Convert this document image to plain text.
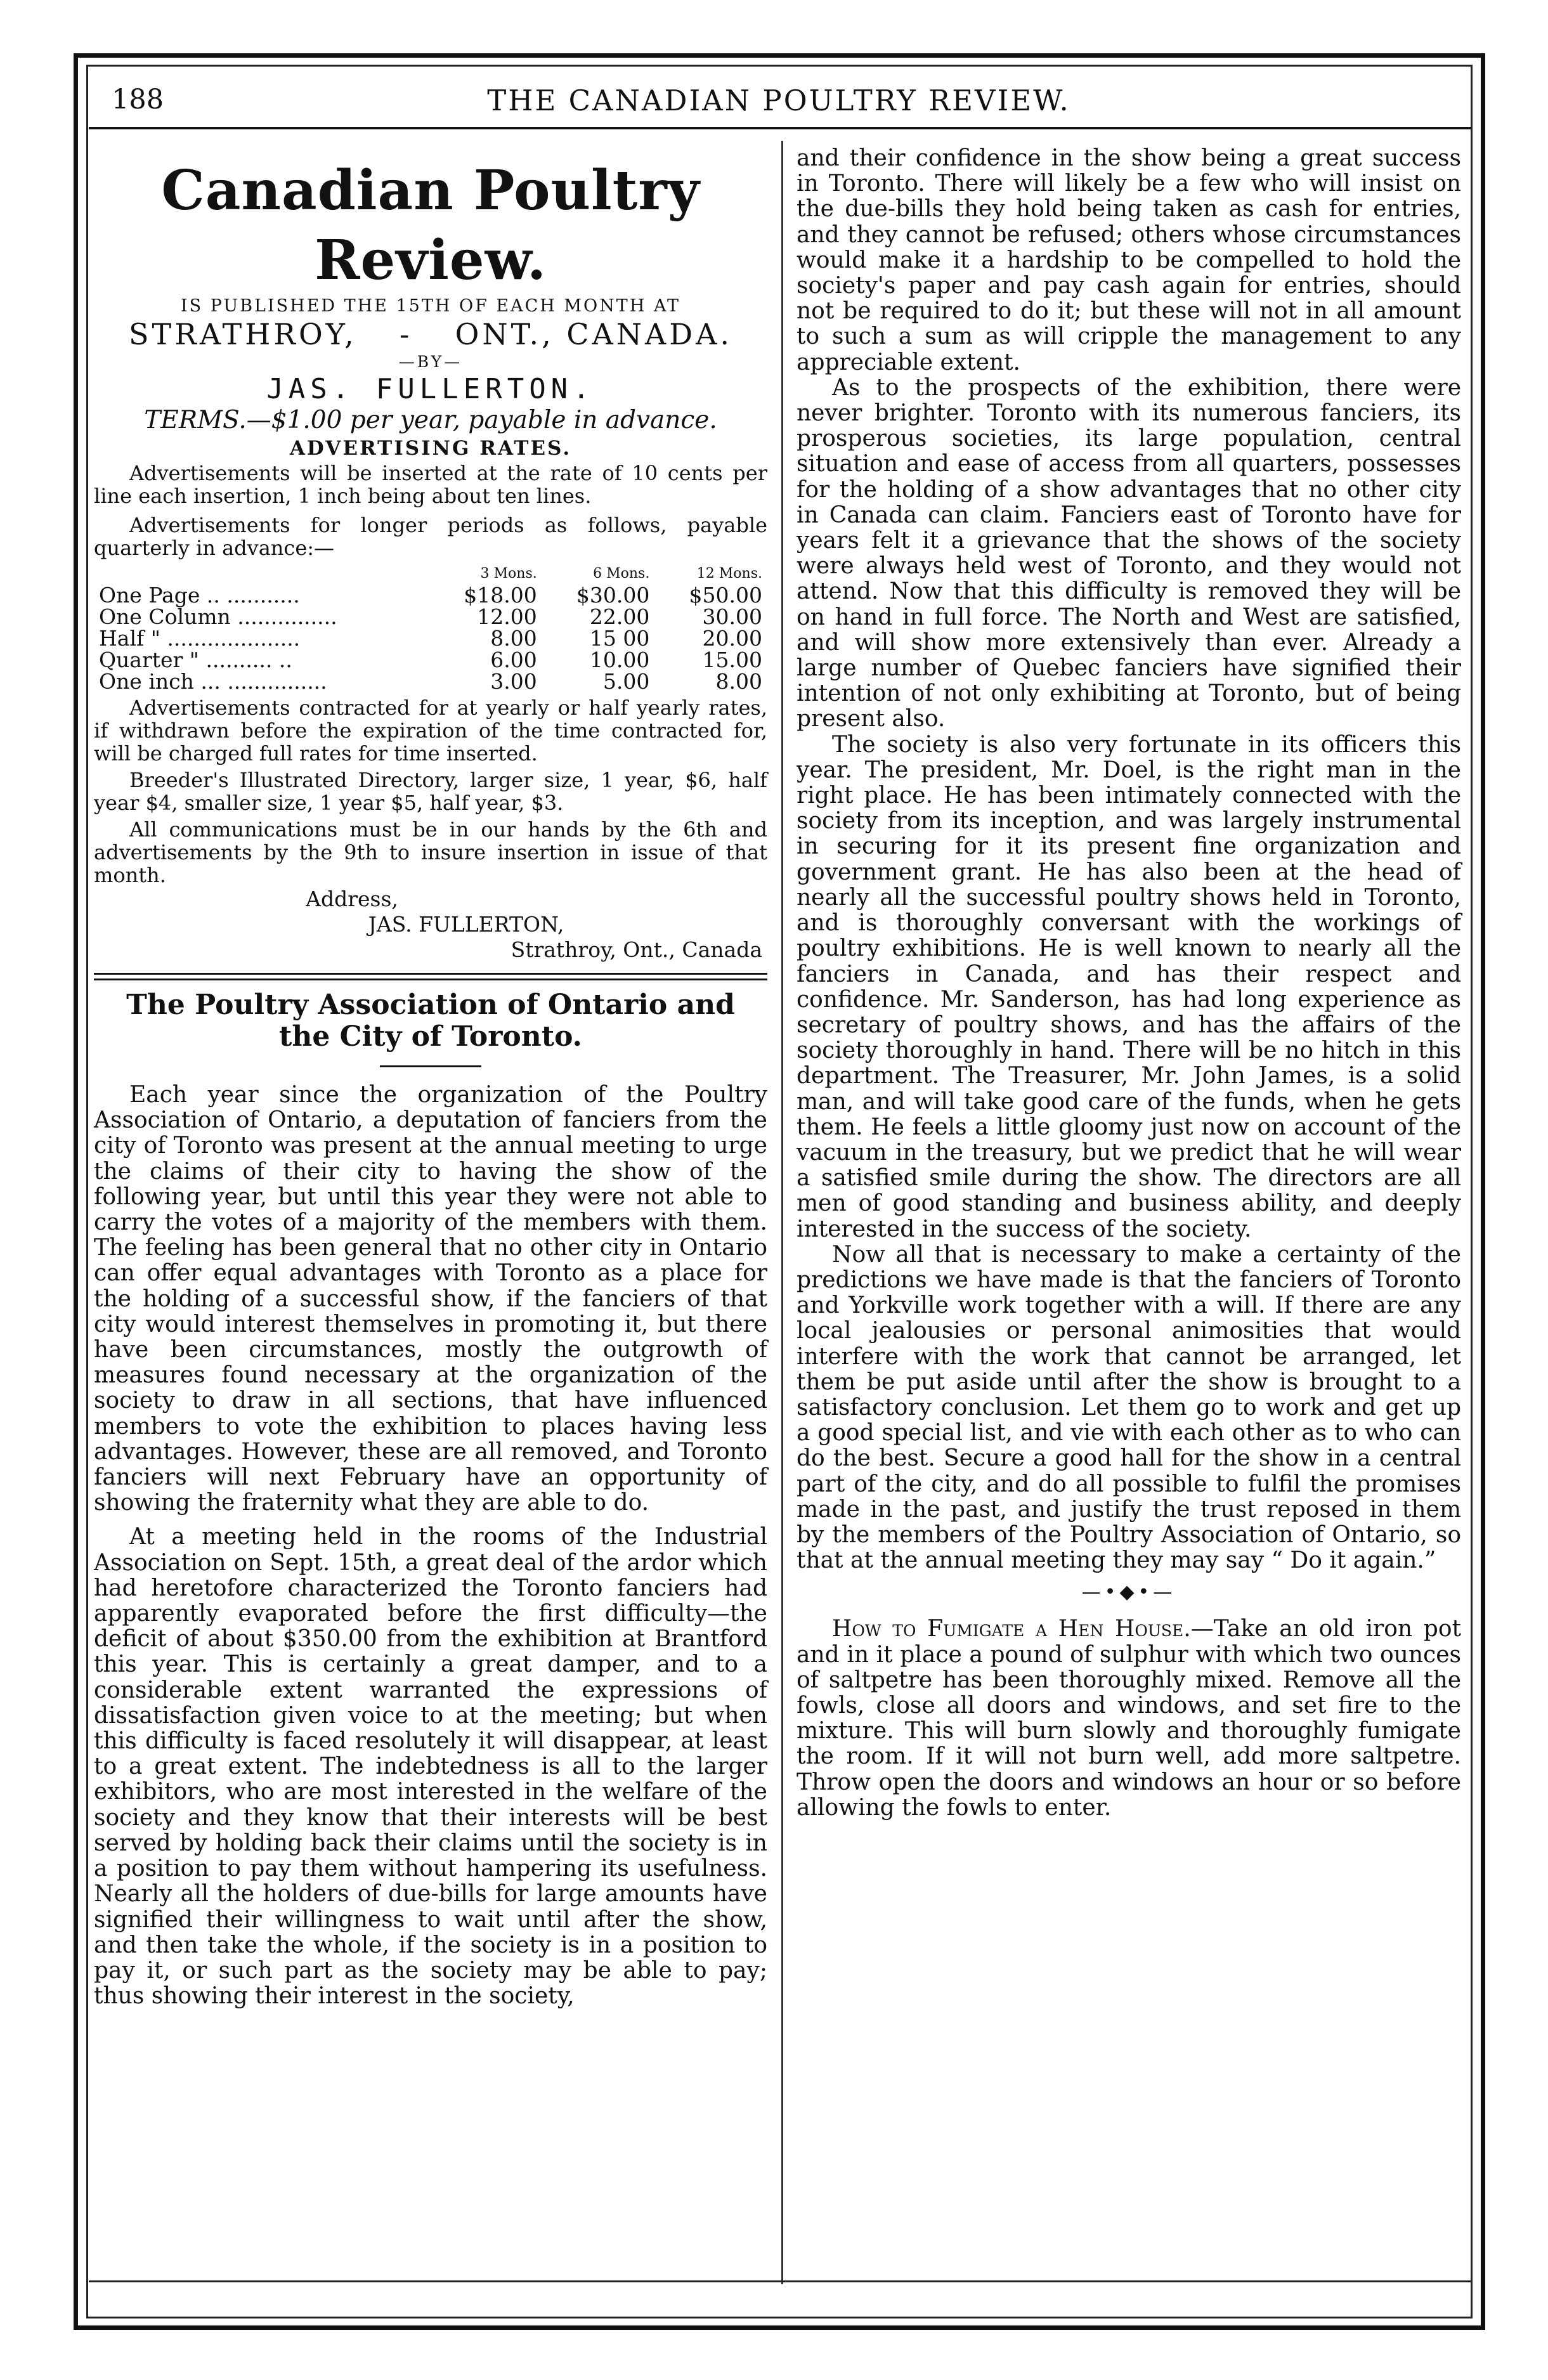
188	THE CANADIAN POULTRY REVIEW.
Canadian Poultry Review.
IS PUBLISHED THE 15TH OF EACH MONTH AT
STRATHROY, - ONT., CANADA.
—BY—
JAS. FULLERTON.
TERMS.—$1.00 per year, payable in advance.
ADVERTISING RATES.

Advertisements will be inserted at the rate of 10 cents per line each insertion, 1 inch being about ten lines.

Advertisements for longer periods as follows, payable quarterly in advance:—

	3 Mons.	6 Mons.	12 Mons.
One Page .. ...........	$18.00	$30.00	$50.00
One Column ...............	12.00	22.00	30.00
Half " ....................	8.00	15 00	20.00
Quarter " .......... ..	6.00	10.00	15.00
One inch ... ...............	3.00	5.00	8.00

Advertisements contracted for at yearly or half yearly rates, if withdrawn before the expiration of the time contracted for, will be charged full rates for time inserted.

Breeder's Illustrated Directory, larger size, 1 year, $6, half year $4, smaller size, 1 year $5, half year, $3.

All communications must be in our hands by the 6th and advertisements by the 9th to insure insertion in issue of that month.

Address,
JAS. FULLERTON,
Strathroy, Ont., Canada
The Poultry Association of Ontario and the City of Toronto.

Each year since the organization of the Poultry Association of Ontario, a deputation of fanciers from the city of Toronto was present at the annual meeting to urge the claims of their city to having the show of the following year, but until this year they were not able to carry the votes of a majority of the members with them. The feeling has been general that no other city in Ontario can offer equal advantages with Toronto as a place for the holding of a successful show, if the fanciers of that city would interest themselves in promoting it, but there have been circumstances, mostly the outgrowth of measures found necessary at the organization of the society to draw in all sections, that have influenced members to vote the exhibition to places having less advantages. However, these are all removed, and Toronto fanciers will next February have an opportunity of showing the fraternity what they are able to do.

At a meeting held in the rooms of the Industrial Association on Sept. 15th, a great deal of the ardor which had heretofore characterized the Toronto fanciers had apparently evaporated before the first difficulty—the deficit of about $350.00 from the exhibition at Brantford this year. This is certainly a great damper, and to a considerable extent warranted the expressions of dissatisfaction given voice to at the meeting; but when this difficulty is faced resolutely it will disappear, at least to a great extent. The indebtedness is all to the larger exhibitors, who are most interested in the welfare of the society and they know that their interests will be best served by holding back their claims until the society is in a position to pay them without hampering its usefulness. Nearly all the holders of due-bills for large amounts have signified their willingness to wait until after the show, and then take the whole, if the society is in a position to pay it, or such part as the society may be able to pay; thus showing their interest in the society,

and their confidence in the show being a great success in Toronto. There will likely be a few who will insist on the due-bills they hold being taken as cash for entries, and they cannot be refused; others whose circumstances would make it a hardship to be compelled to hold the society's paper and pay cash again for entries, should not be required to do it; but these will not in all amount to such a sum as will cripple the management to any appreciable extent.

As to the prospects of the exhibition, there were never brighter. Toronto with its numerous fanciers, its prosperous societies, its large population, central situation and ease of access from all quarters, possesses for the holding of a show advantages that no other city in Canada can claim. Fanciers east of Toronto have for years felt it a grievance that the shows of the society were always held west of Toronto, and they would not attend. Now that this difficulty is removed they will be on hand in full force. The North and West are satisfied, and will show more extensively than ever. Already a large number of Quebec fanciers have signified their intention of not only exhibiting at Toronto, but of being present also.

The society is also very fortunate in its officers this year. The president, Mr. Doel, is the right man in the right place. He has been intimately connected with the society from its inception, and was largely instrumental in securing for it its present fine organization and government grant. He has also been at the head of nearly all the successful poultry shows held in Toronto, and is thoroughly conversant with the workings of poultry exhibitions. He is well known to nearly all the fanciers in Canada, and has their respect and confidence. Mr. Sanderson, has had long experience as secretary of poultry shows, and has the affairs of the society thoroughly in hand. There will be no hitch in this department. The Treasurer, Mr. John James, is a solid man, and will take good care of the funds, when he gets them. He feels a little gloomy just now on account of the vacuum in the treasury, but we predict that he will wear a satisfied smile during the show. The directors are all men of good standing and business ability, and deeply interested in the success of the society.

Now all that is necessary to make a certainty of the predictions we have made is that the fanciers of Toronto and Yorkville work together with a will. If there are any local jealousies or personal animosities that would interfere with the work that cannot be arranged, let them be put aside until after the show is brought to a satisfactory conclusion. Let them go to work and get up a good special list, and vie with each other as to who can do the best. Secure a good hall for the show in a central part of the city, and do all possible to fulfil the promises made in the past, and justify the trust reposed in them by the members of the Poultry Association of Ontario, so that at the annual meeting they may say “ Do it again.”

—•◆•—

How to Fumigate a Hen House.—Take an old iron pot and in it place a pound of sulphur with which two ounces of saltpetre has been thoroughly mixed. Remove all the fowls, close all doors and windows, and set fire to the mixture. This will burn slowly and thoroughly fumigate the room. If it will not burn well, add more saltpetre. Throw open the doors and windows an hour or so before allowing the fowls to enter.
